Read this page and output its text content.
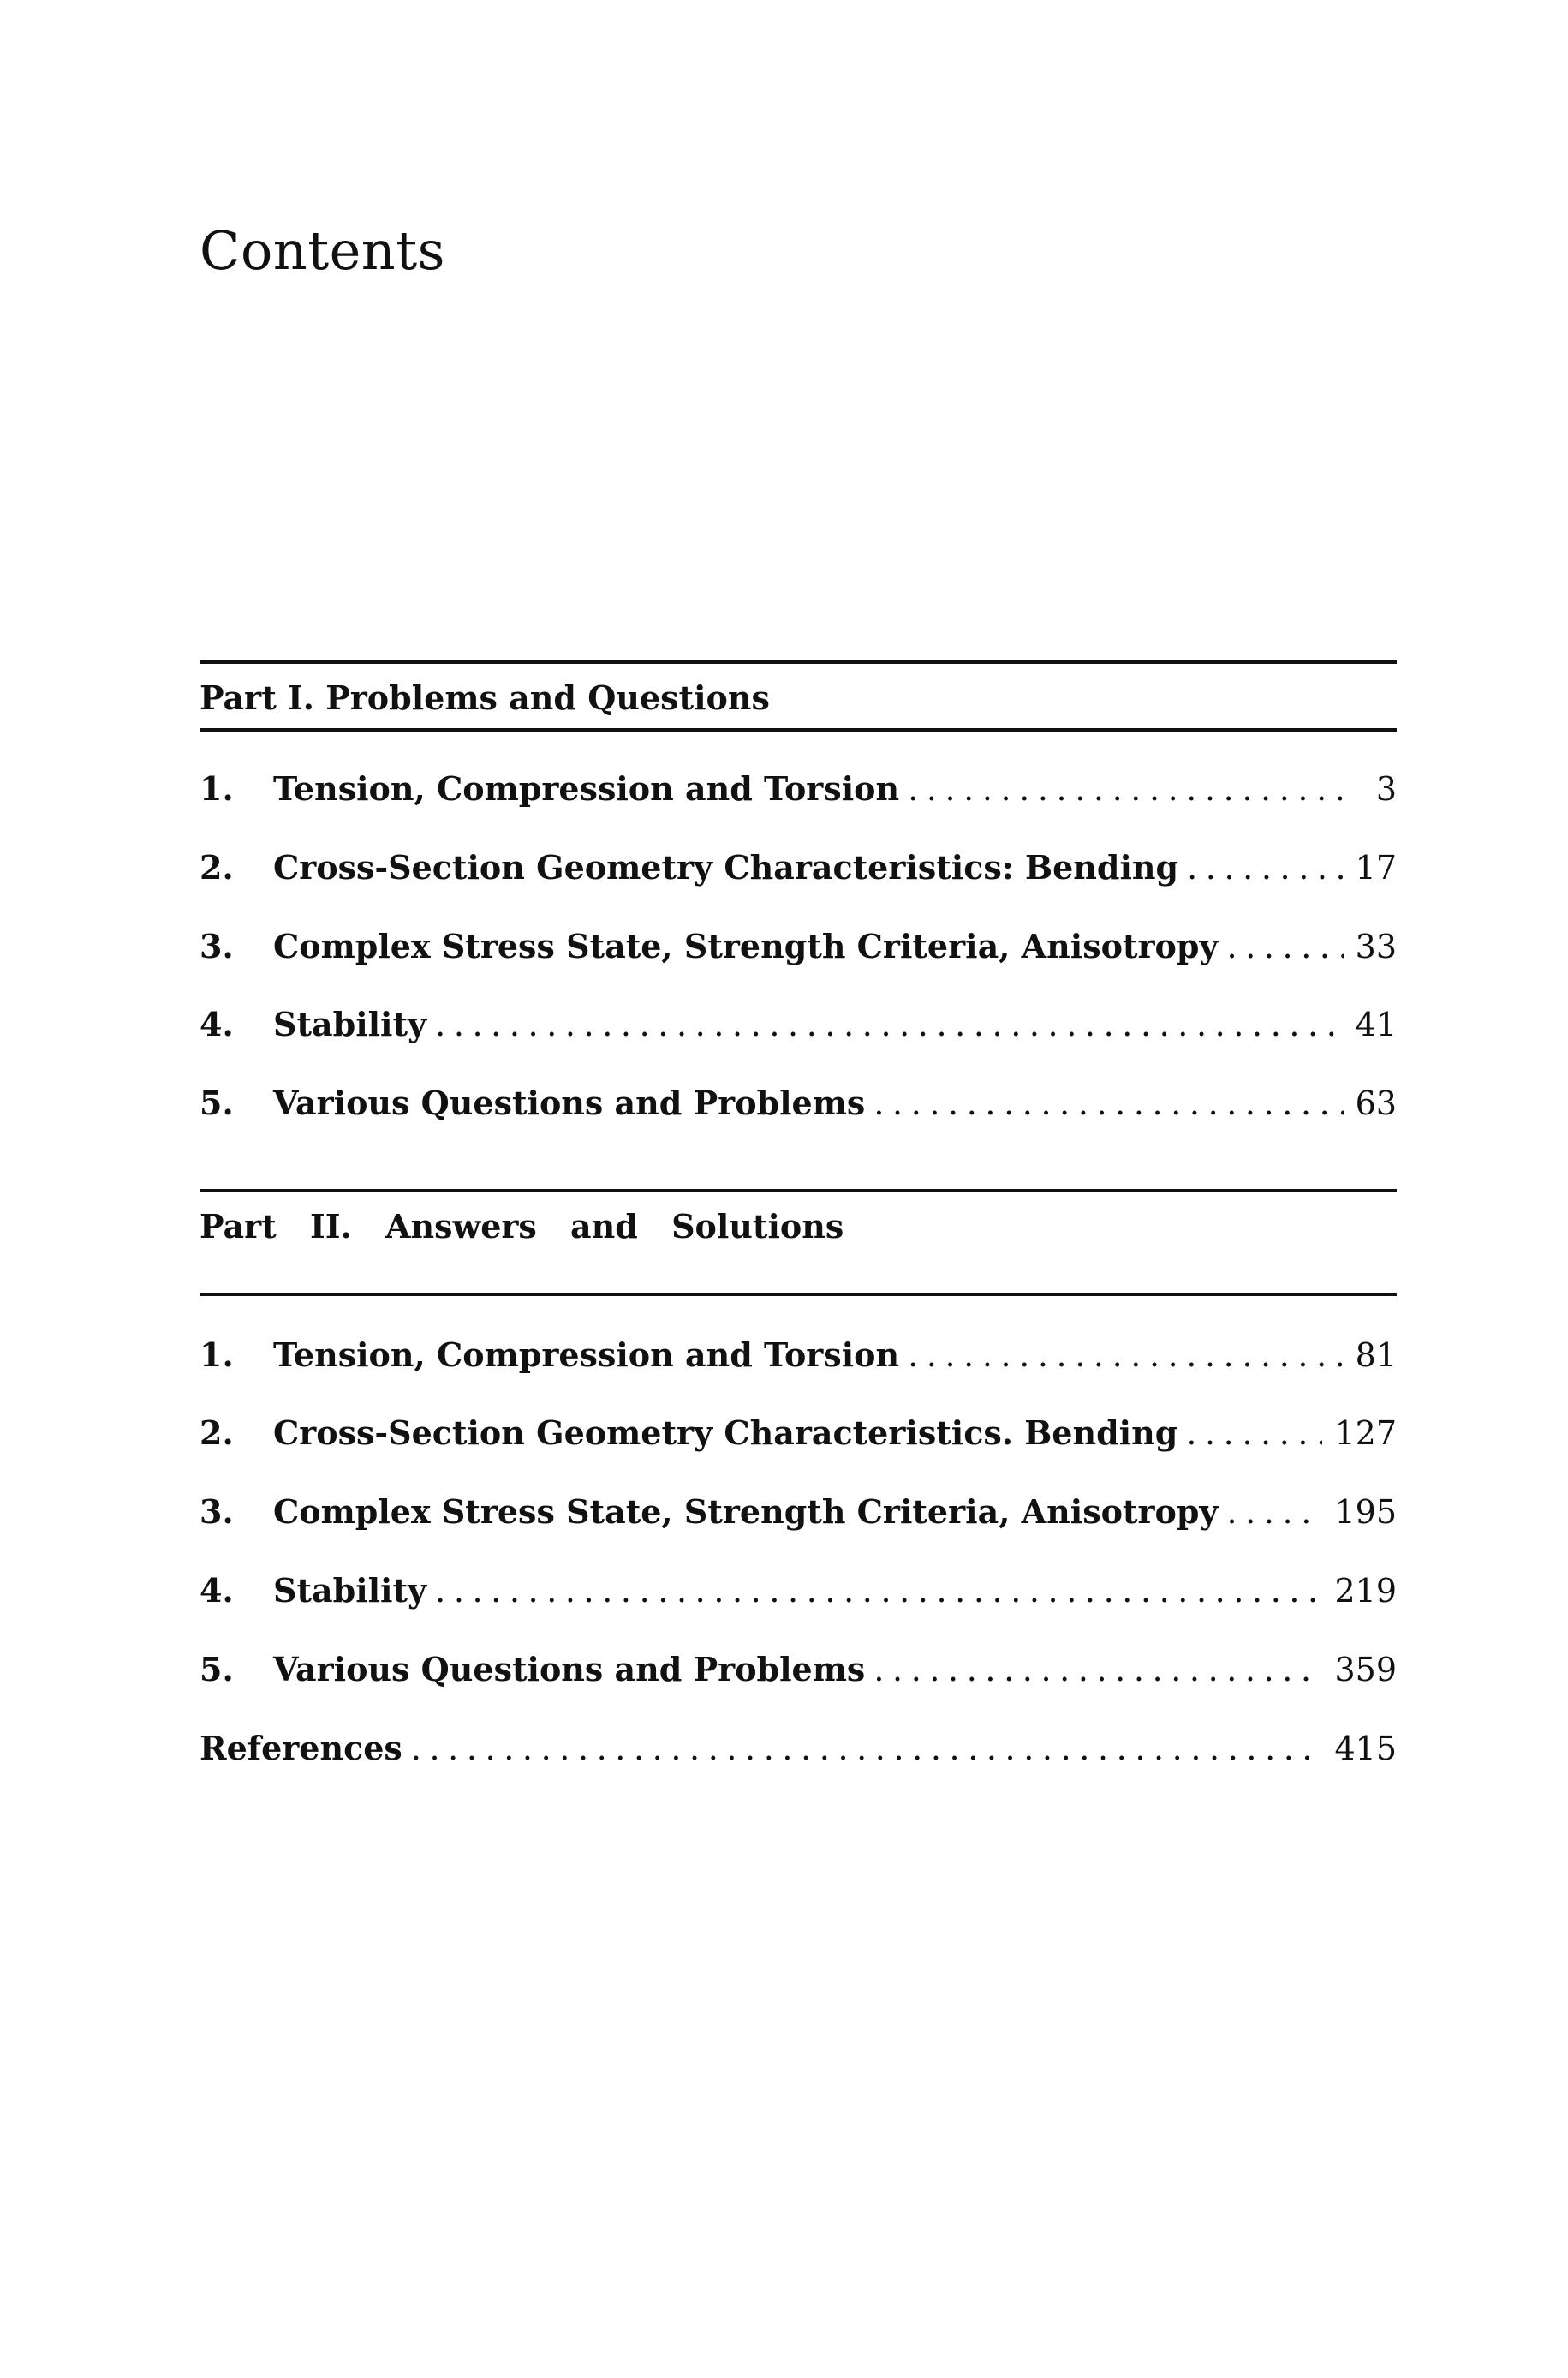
Contents
Part I. Problems and Questions
1.	Tension, Compression and Torsion .....	3
2.	Cross-Section Geometry Characteristics: Bending .....	17
3.	Complex Stress State, Strength Criteria, Anisotropy .....	33
4.	Stability .....	41
5.	Various Questions and Problems .....	63
Part II. Answers and Solutions
1.	Tension, Compression and Torsion .....	81
2.	Cross-Section Geometry Characteristics. Bending .....	127
3.	Complex Stress State, Strength Criteria, Anisotropy .....	195
4.	Stability .....	219
5.	Various Questions and Problems .....	359
References .....	415
